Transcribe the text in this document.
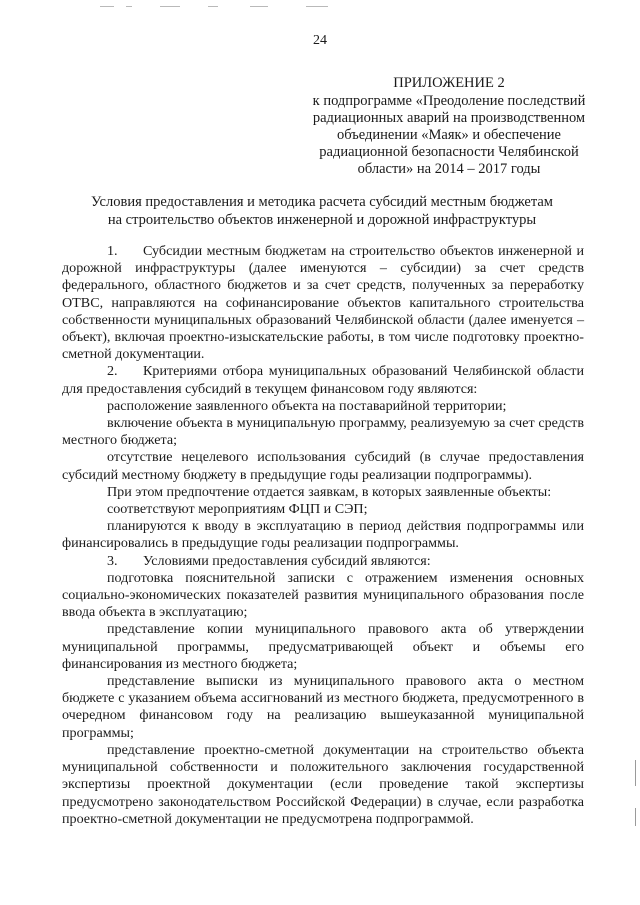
24
ПРИЛОЖЕНИЕ 2
к подпрограмме «Преодоление последствий радиационных аварий на производственном объединении «Маяк» и обеспечение радиационной безопасности Челябинской области» на 2014 – 2017 годы
Условия предоставления и методика расчета субсидий местным бюджетам
на строительство объектов инженерной и дорожной инфраструктуры

1. Субсидии местным бюджетам на строительство объектов инженерной и дорожной инфраструктуры (далее именуются – субсидии) за счет средств федерального, областного бюджетов и за счет средств, полученных за переработку ОТВС, направляются на софинансирование объектов капитального строительства собственности муниципальных образований Челябинской области (далее именуется – объект), включая проектно-изыскательские работы, в том числе подготовку проектно-сметной документации.

2. Критериями отбора муниципальных образований Челябинской области для предоставления субсидий в текущем финансовом году являются:

расположение заявленного объекта на поставарийной территории;

включение объекта в муниципальную программу, реализуемую за счет средств местного бюджета;

отсутствие нецелевого использования субсидий (в случае предоставления субсидий местному бюджету в предыдущие годы реализации подпрограммы).

При этом предпочтение отдается заявкам, в которых заявленные объекты:

соответствуют мероприятиям ФЦП и СЭП;

планируются к вводу в эксплуатацию в период действия подпрограммы или финансировались в предыдущие годы реализации подпрограммы.

3. Условиями предоставления субсидий являются:

подготовка пояснительной записки с отражением изменения основных социально-экономических показателей развития муниципального образования после ввода объекта в эксплуатацию;

представление копии муниципального правового акта об утверждении муниципальной программы, предусматривающей объект и объемы его финансирования из местного бюджета;

представление выписки из муниципального правового акта о местном бюджете с указанием объема ассигнований из местного бюджета, предусмотренного в очередном финансовом году на реализацию вышеуказанной муниципальной программы;

представление проектно-сметной документации на строительство объекта муниципальной собственности и положительного заключения государственной экспертизы проектной документации (если проведение такой экспертизы предусмотрено законодательством Российской Федерации) в случае, если разработка проектно-сметной документации не предусмотрена подпрограммой.
